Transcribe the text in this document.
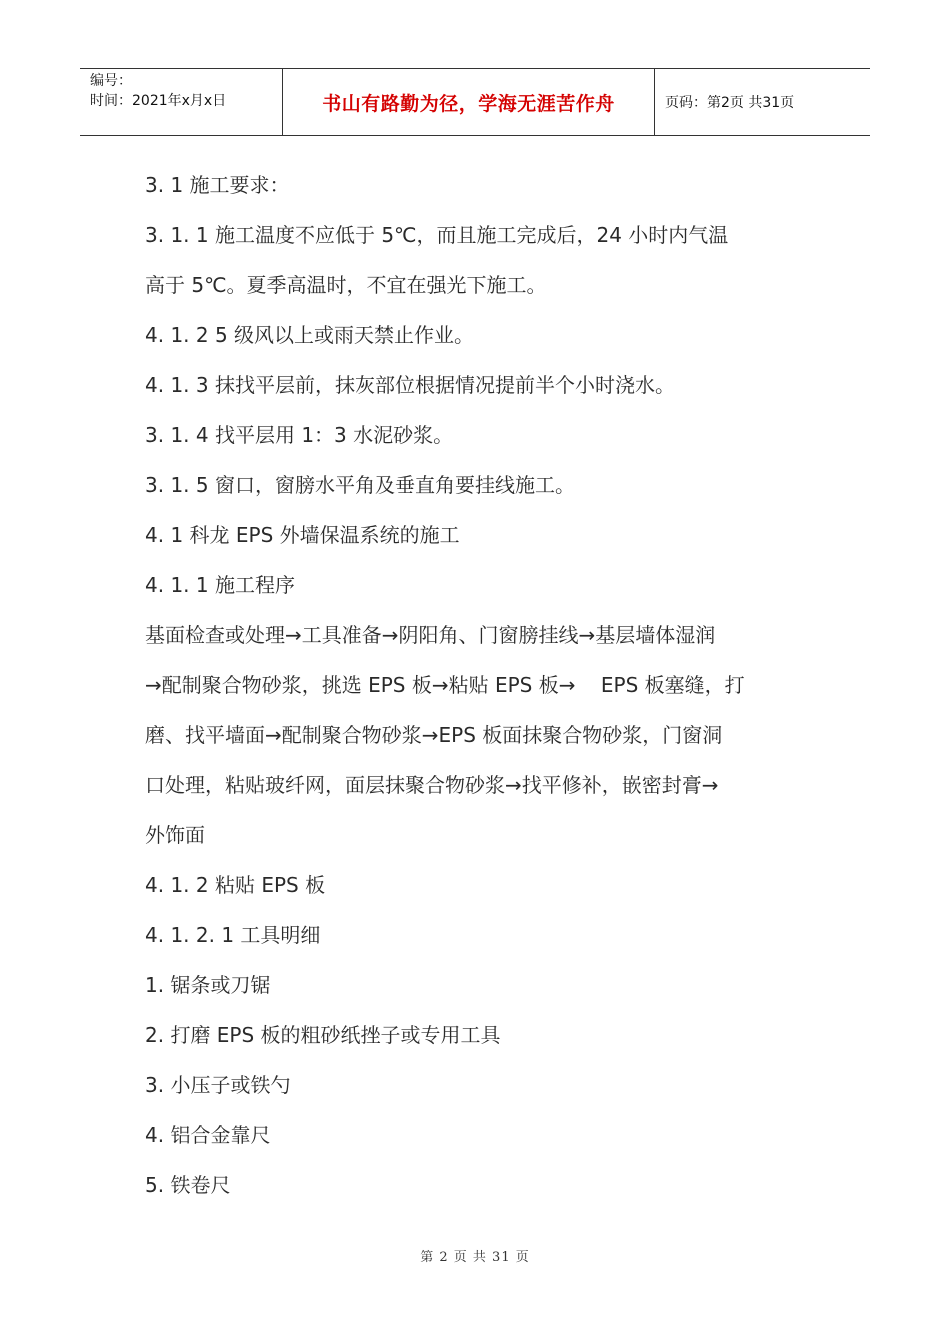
编号：
时间：2021年x月x日	书山有路勤为径，学海无涯苦作舟	页码：第2页 共31页
3. 1 施工要求：
3. 1. 1 施工温度不应低于 5℃，而且施工完成后，24 小时内气温
高于 5℃。夏季高温时，不宜在强光下施工。
4. 1. 2 5 级风以上或雨天禁止作业。
4. 1. 3 抹找平层前，抹灰部位根据情况提前半个小时浇水。
3. 1. 4 找平层用 1：3 水泥砂浆。
3. 1. 5 窗口，窗膀水平角及垂直角要挂线施工。
4. 1 科龙 EPS 外墙保温系统的施工
4. 1. 1 施工程序
基面检查或处理→工具准备→阴阳角、门窗膀挂线→基层墙体湿润
→配制聚合物砂浆，挑选 EPS 板→粘贴 EPS 板→    EPS 板塞缝，打
磨、找平墙面→配制聚合物砂浆→EPS 板面抹聚合物砂浆，门窗洞
口处理，粘贴玻纤网，面层抹聚合物砂浆→找平修补，嵌密封膏→
外饰面
4. 1. 2 粘贴 EPS 板
4. 1. 2. 1 工具明细
1. 锯条或刀锯
2. 打磨 EPS 板的粗砂纸挫子或专用工具
3. 小压子或铁勺
4. 铝合金靠尺
5. 铁卷尺
第 2 页 共 31 页
